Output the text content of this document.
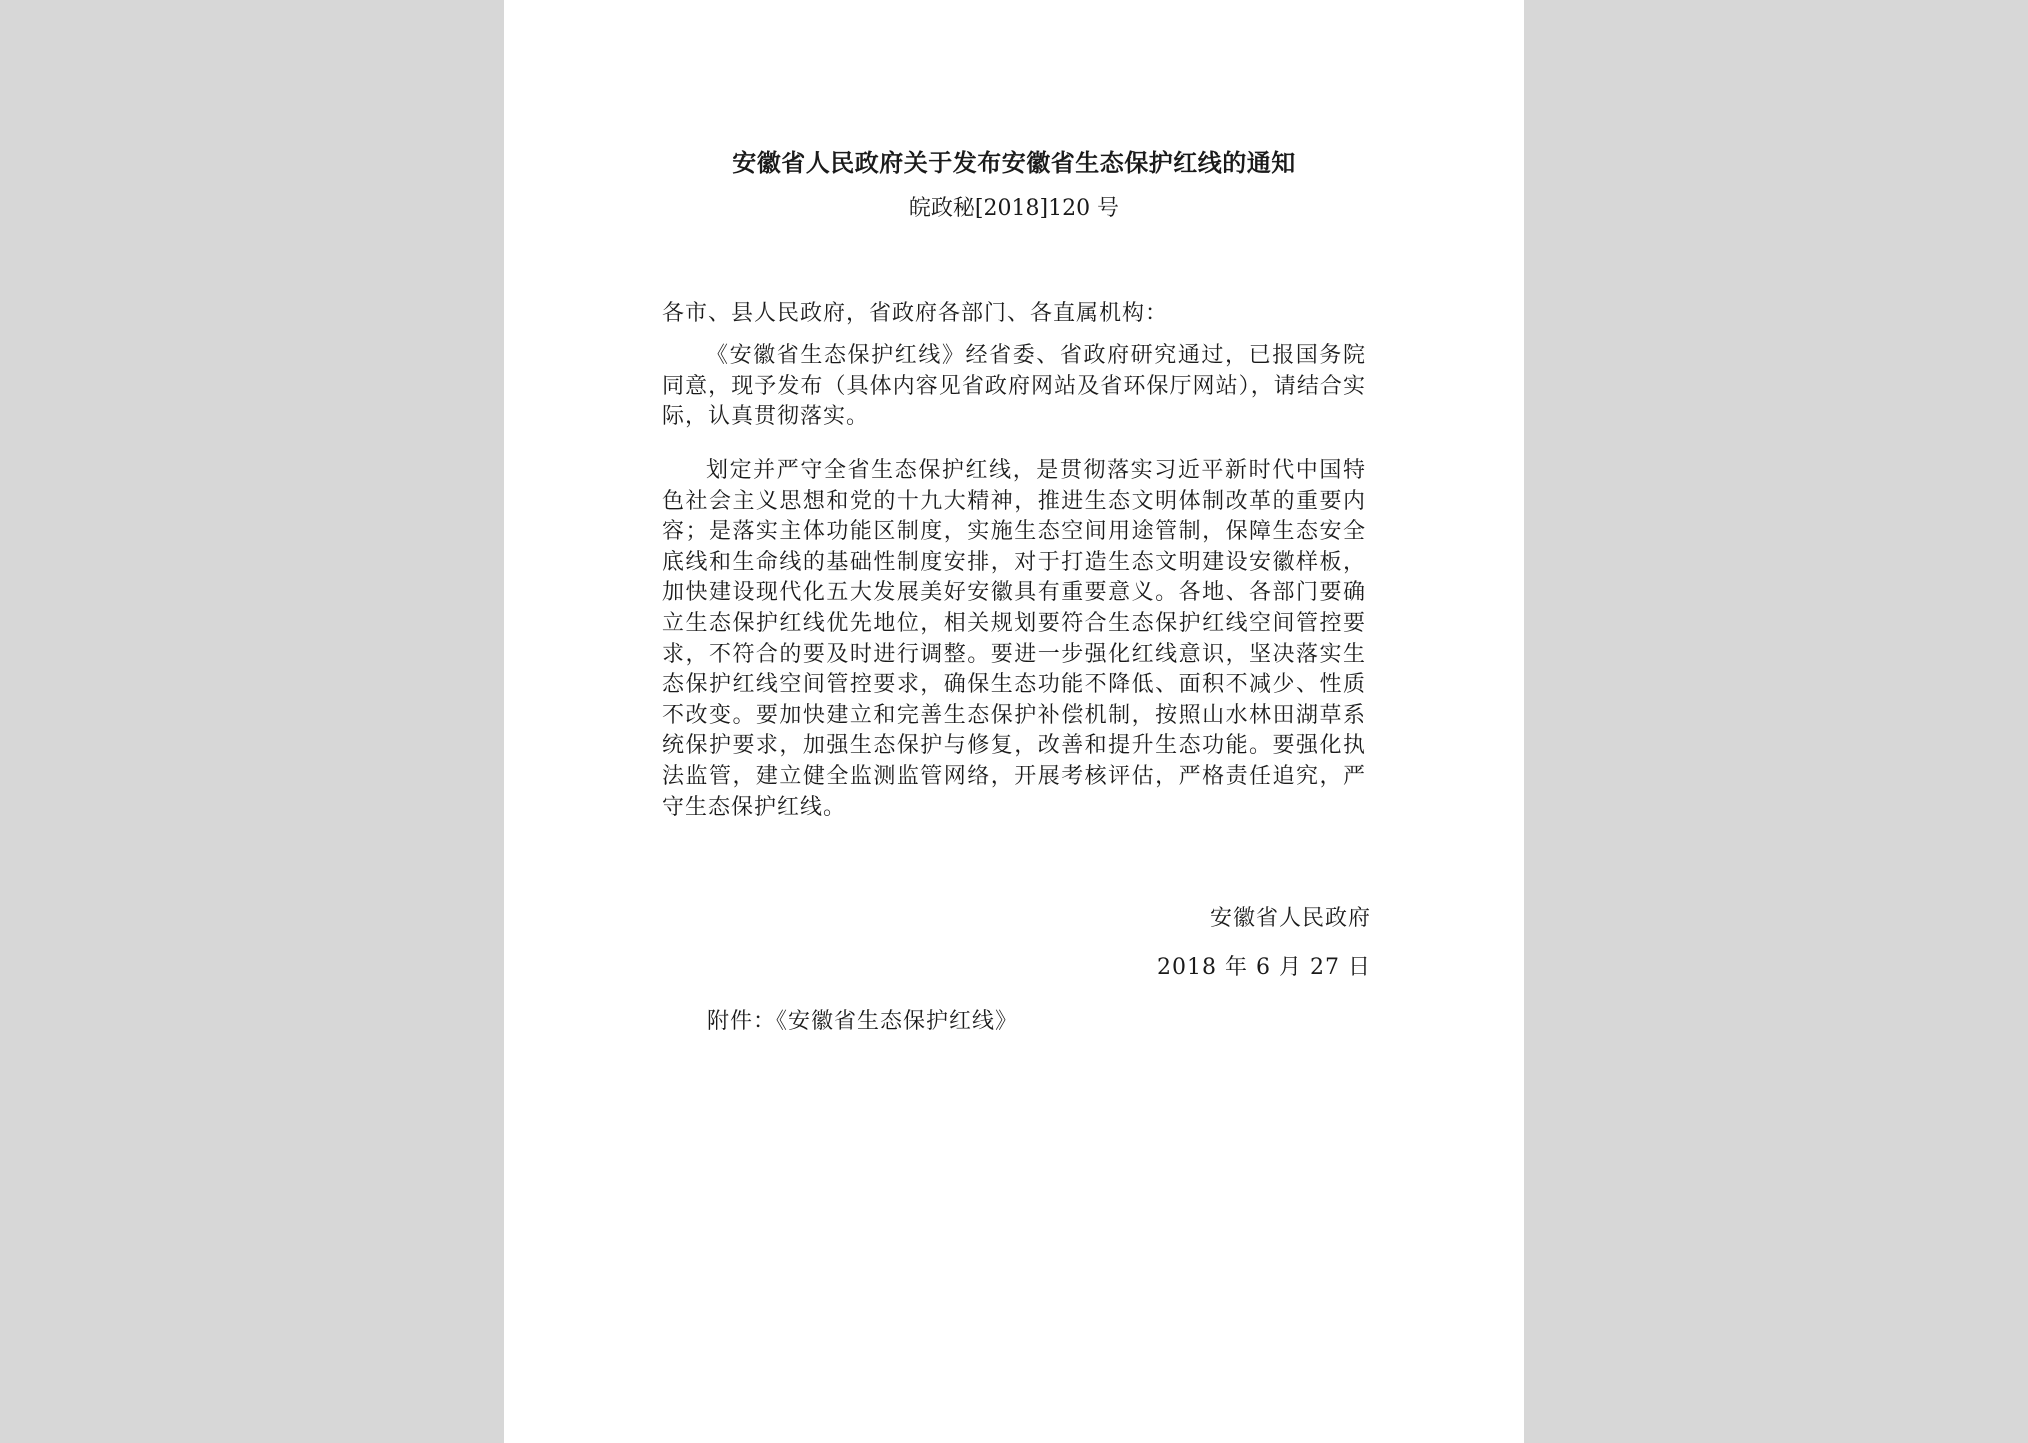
安徽省人民政府关于发布安徽省生态保护红线的通知
皖政秘[2018]120 号
各市、县人民政府，省政府各部门、各直属机构：

《安徽省生态保护红线》经省委、省政府研究通过，已报国务院同意，现予发布（具体内容见省政府网站及省环保厅网站），请结合实际，认真贯彻落实。

划定并严守全省生态保护红线，是贯彻落实习近平新时代中国特色社会主义思想和党的十九大精神，推进生态文明体制改革的重要内容；是落实主体功能区制度，实施生态空间用途管制，保障生态安全底线和生命线的基础性制度安排，对于打造生态文明建设安徽样板，加快建设现代化五大发展美好安徽具有重要意义。各地、各部门要确立生态保护红线优先地位，相关规划要符合生态保护红线空间管控要求，不符合的要及时进行调整。要进一步强化红线意识，坚决落实生态保护红线空间管控要求，确保生态功能不降低、面积不减少、性质不改变。要加快建立和完善生态保护补偿机制，按照山水林田湖草系统保护要求，加强生态保护与修复，改善和提升生态功能。要强化执法监管，建立健全监测监管网络，开展考核评估，严格责任追究，严守生态保护红线。

安徽省人民政府
2018 年 6 月 27 日
附件：《安徽省生态保护红线》
